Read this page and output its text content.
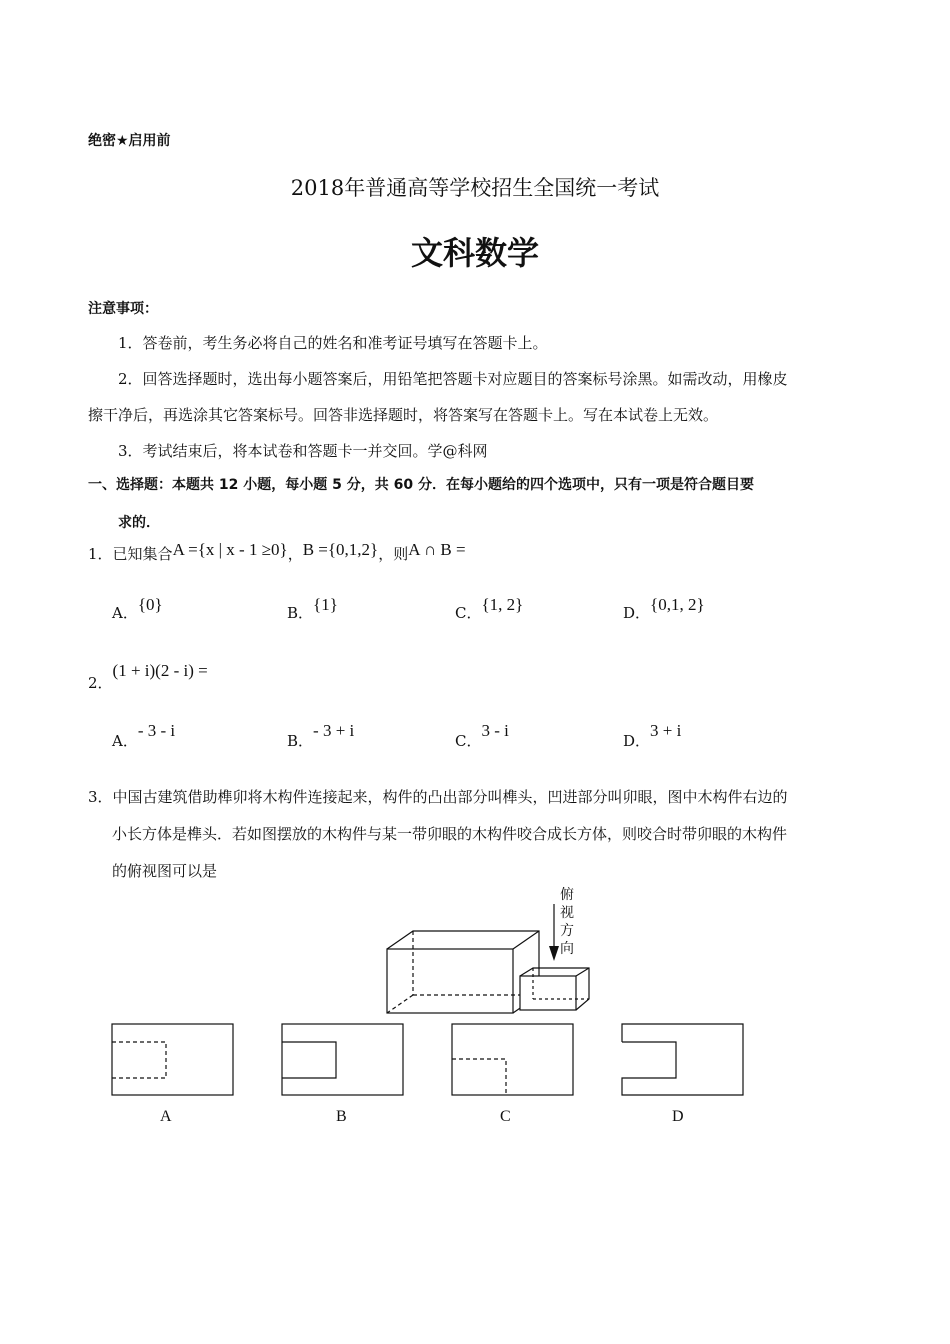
绝密★启用前
2018年普通高等学校招生全国统一考试
文科数学
注意事项：
1．答卷前，考生务必将自己的姓名和准考证号填写在答题卡上。
2．回答选择题时，选出每小题答案后，用铅笔把答题卡对应题目的答案标号涂黑。如需改动，用橡皮
擦干净后，再选涂其它答案标号。回答非选择题时，将答案写在答题卡上。写在本试卷上无效。
3．考试结束后，将本试卷和答题卡一并交回。学@科网
一、选择题：本题共 12 小题，每小题 5 分，共 60 分．在每小题给的四个选项中，只有一项是符合题目要
求的．
1．已知集合A ={x | x - 1 ≥0}，B ={0,1,2}，则A ∩ B =
A．{0}	B．{1}	C．{1, 2}	D．{0,1, 2}
2．(1 + i)(2 - i) =
A．- 3 - i
B．- 3 + i
C．3 - i
D．3 + i
3．中国古建筑借助榫卯将木构件连接起来，构件的凸出部分叫榫头，凹进部分叫卯眼，图中木构件右边的
小长方体是榫头．若如图摆放的木构件与某一带卯眼的木构件咬合成长方体，则咬合时带卯眼的木构件
的俯视图可以是
俯
视
方
向
A	B	C	D
